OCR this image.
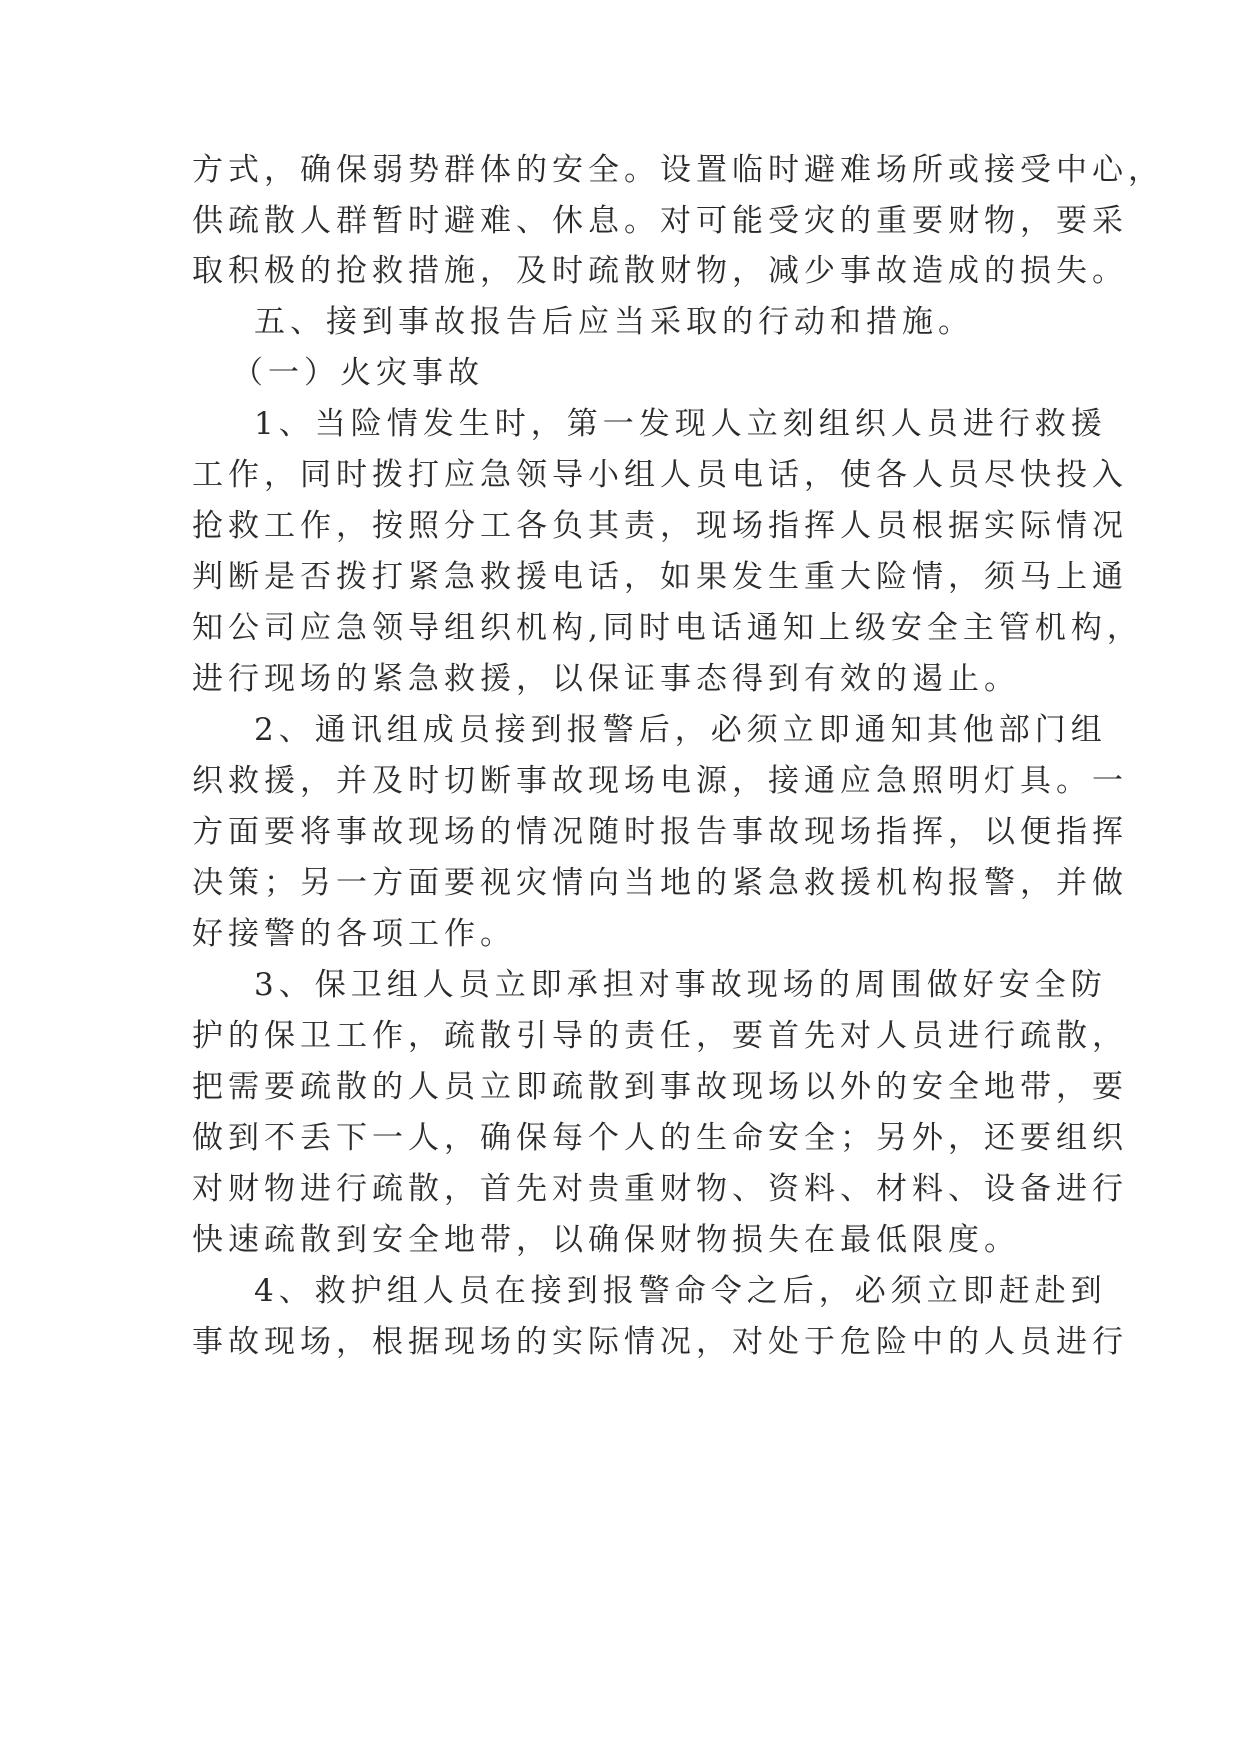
方式，确保弱势群体的安全。设置临时避难场所或接受中心，
供疏散人群暂时避难、休息。对可能受灾的重要财物，要采
取积极的抢救措施，及时疏散财物，减少事故造成的损失。
五、接到事故报告后应当采取的行动和措施。
（一）火灾事故
1、当险情发生时，第一发现人立刻组织人员进行救援
工作，同时拨打应急领导小组人员电话，使各人员尽快投入
抢救工作，按照分工各负其责，现场指挥人员根据实际情况
判断是否拨打紧急救援电话，如果发生重大险情，须马上通
知公司应急领导组织机构,同时电话通知上级安全主管机构，
进行现场的紧急救援，以保证事态得到有效的遏止。
2、通讯组成员接到报警后，必须立即通知其他部门组
织救援，并及时切断事故现场电源，接通应急照明灯具。一
方面要将事故现场的情况随时报告事故现场指挥，以便指挥
决策；另一方面要视灾情向当地的紧急救援机构报警，并做
好接警的各项工作。
3、保卫组人员立即承担对事故现场的周围做好安全防
护的保卫工作，疏散引导的责任，要首先对人员进行疏散，
把需要疏散的人员立即疏散到事故现场以外的安全地带，要
做到不丢下一人，确保每个人的生命安全；另外，还要组织
对财物进行疏散，首先对贵重财物、资料、材料、设备进行
快速疏散到安全地带，以确保财物损失在最低限度。
4、救护组人员在接到报警命令之后，必须立即赶赴到
事故现场，根据现场的实际情况，对处于危险中的人员进行
